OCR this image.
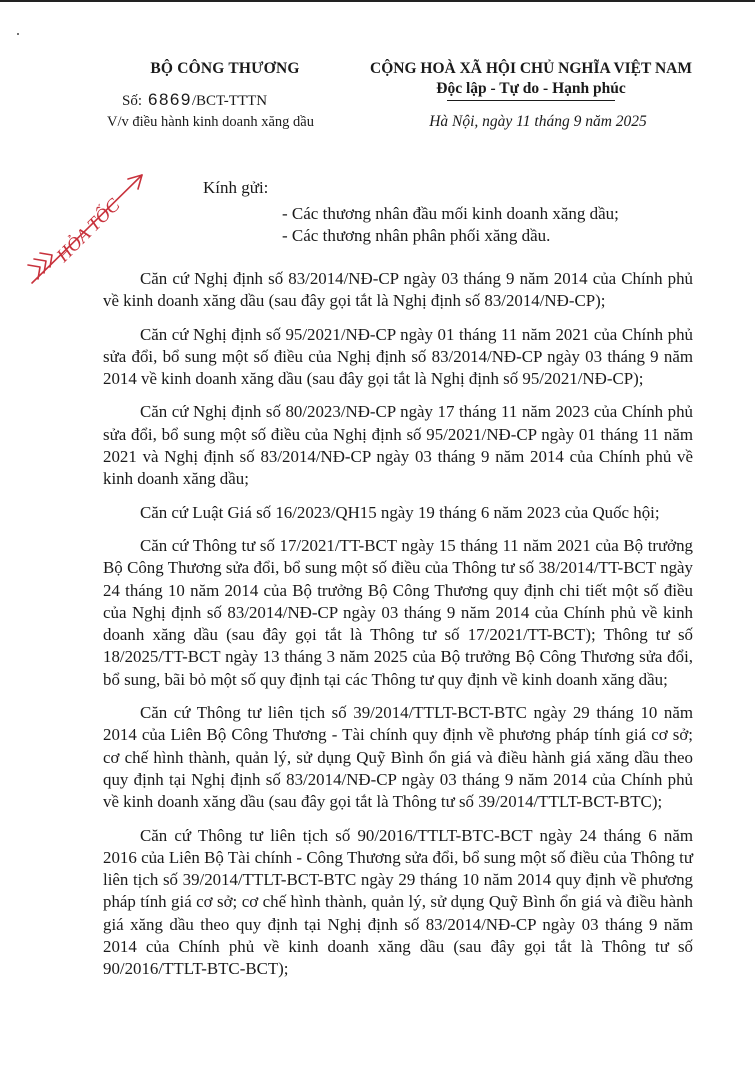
BỘ CÔNG THƯƠNG
Số: 6869/BCT-TTTN
V/v điều hành kinh doanh xăng dầu
CỘNG HOÀ XÃ HỘI CHỦ NGHĨA VIỆT NAM
Độc lập - Tự do - Hạnh phúc
Hà Nội, ngày 11 tháng 9 năm 2025
HỎA TỐC
Kính gửi:
- Các thương nhân đầu mối kinh doanh xăng dầu;
- Các thương nhân phân phối xăng dầu.

Căn cứ Nghị định số 83/2014/NĐ-CP ngày 03 tháng 9 năm 2014 của Chính phủ về kinh doanh xăng dầu (sau đây gọi tắt là Nghị định số 83/2014/NĐ-CP);

Căn cứ Nghị định số 95/2021/NĐ-CP ngày 01 tháng 11 năm 2021 của Chính phủ sửa đổi, bổ sung một số điều của Nghị định số 83/2014/NĐ-CP ngày 03 tháng 9 năm 2014 về kinh doanh xăng dầu (sau đây gọi tắt là Nghị định số 95/2021/NĐ-CP);

Căn cứ Nghị định số 80/2023/NĐ-CP ngày 17 tháng 11 năm 2023 của Chính phủ sửa đổi, bổ sung một số điều của Nghị định số 95/2021/NĐ-CP ngày 01 tháng 11 năm 2021 và Nghị định số 83/2014/NĐ-CP ngày 03 tháng 9 năm 2014 của Chính phủ về kinh doanh xăng dầu;

Căn cứ Luật Giá số 16/2023/QH15 ngày 19 tháng 6 năm 2023 của Quốc hội;

Căn cứ Thông tư số 17/2021/TT-BCT ngày 15 tháng 11 năm 2021 của Bộ trưởng Bộ Công Thương sửa đổi, bổ sung một số điều của Thông tư số 38/2014/TT-BCT ngày 24 tháng 10 năm 2014 của Bộ trưởng Bộ Công Thương quy định chi tiết một số điều của Nghị định số 83/2014/NĐ-CP ngày 03 tháng 9 năm 2014 của Chính phủ về kinh doanh xăng dầu (sau đây gọi tắt là Thông tư số 17/2021/TT-BCT); Thông tư số 18/2025/TT-BCT ngày 13 tháng 3 năm 2025 của Bộ trưởng Bộ Công Thương sửa đổi, bổ sung, bãi bỏ một số quy định tại các Thông tư quy định về kinh doanh xăng dầu;

Căn cứ Thông tư liên tịch số 39/2014/TTLT-BCT-BTC ngày 29 tháng 10 năm 2014 của Liên Bộ Công Thương - Tài chính quy định về phương pháp tính giá cơ sở; cơ chế hình thành, quản lý, sử dụng Quỹ Bình ổn giá và điều hành giá xăng dầu theo quy định tại Nghị định số 83/2014/NĐ-CP ngày 03 tháng 9 năm 2014 của Chính phủ về kinh doanh xăng dầu (sau đây gọi tắt là Thông tư số 39/2014/TTLT-BCT-BTC);

Căn cứ Thông tư liên tịch số 90/2016/TTLT-BTC-BCT ngày 24 tháng 6 năm 2016 của Liên Bộ Tài chính - Công Thương sửa đổi, bổ sung một số điều của Thông tư liên tịch số 39/2014/TTLT-BCT-BTC ngày 29 tháng 10 năm 2014 quy định về phương pháp tính giá cơ sở; cơ chế hình thành, quản lý, sử dụng Quỹ Bình ổn giá và điều hành giá xăng dầu theo quy định tại Nghị định số 83/2014/NĐ-CP ngày 03 tháng 9 năm 2014 của Chính phủ về kinh doanh xăng dầu (sau đây gọi tắt là Thông tư số 90/2016/TTLT-BTC-BCT);
